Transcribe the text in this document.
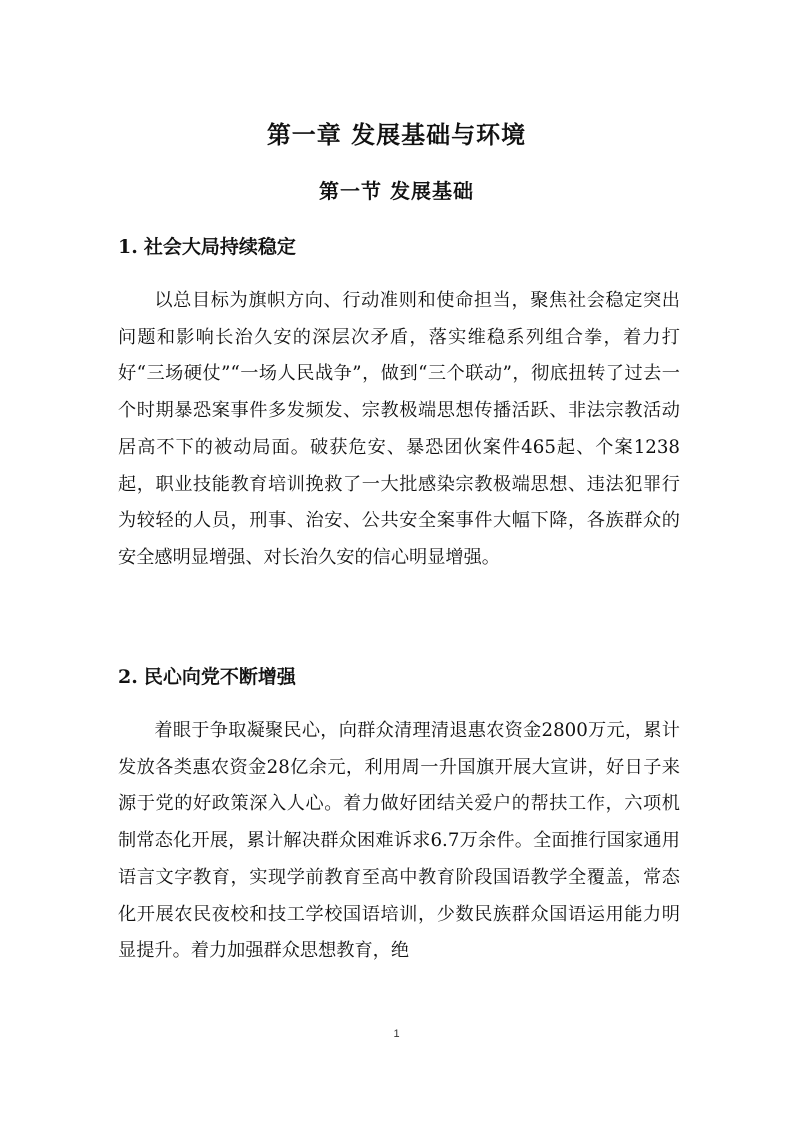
第一章 发展基础与环境
第一节 发展基础
1. 社会大局持续稳定

以总目标为旗帜方向、行动准则和使命担当，聚焦社会稳定突出问题和影响长治久安的深层次矛盾，落实维稳系列组合拳，着力打好“三场硬仗”“一场人民战争”，做到“三个联动”，彻底扭转了过去一个时期暴恐案事件多发频发、宗教极端思想传播活跃、非法宗教活动居高不下的被动局面。破获危安、暴恐团伙案件465起、个案1238起，职业技能教育培训挽救了一大批感染宗教极端思想、违法犯罪行为较轻的人员，刑事、治安、公共安全案事件大幅下降，各族群众的安全感明显增强、对长治久安的信心明显增强。

2. 民心向党不断增强

着眼于争取凝聚民心，向群众清理清退惠农资金2800万元，累计发放各类惠农资金28亿余元，利用周一升国旗开展大宣讲，好日子来源于党的好政策深入人心。着力做好团结关爱户的帮扶工作，六项机制常态化开展，累计解决群众困难诉求6.7万余件。全面推行国家通用语言文字教育，实现学前教育至高中教育阶段国语教学全覆盖，常态化开展农民夜校和技工学校国语培训，少数民族群众国语运用能力明显提升。着力加强群众思想教育，绝

1
